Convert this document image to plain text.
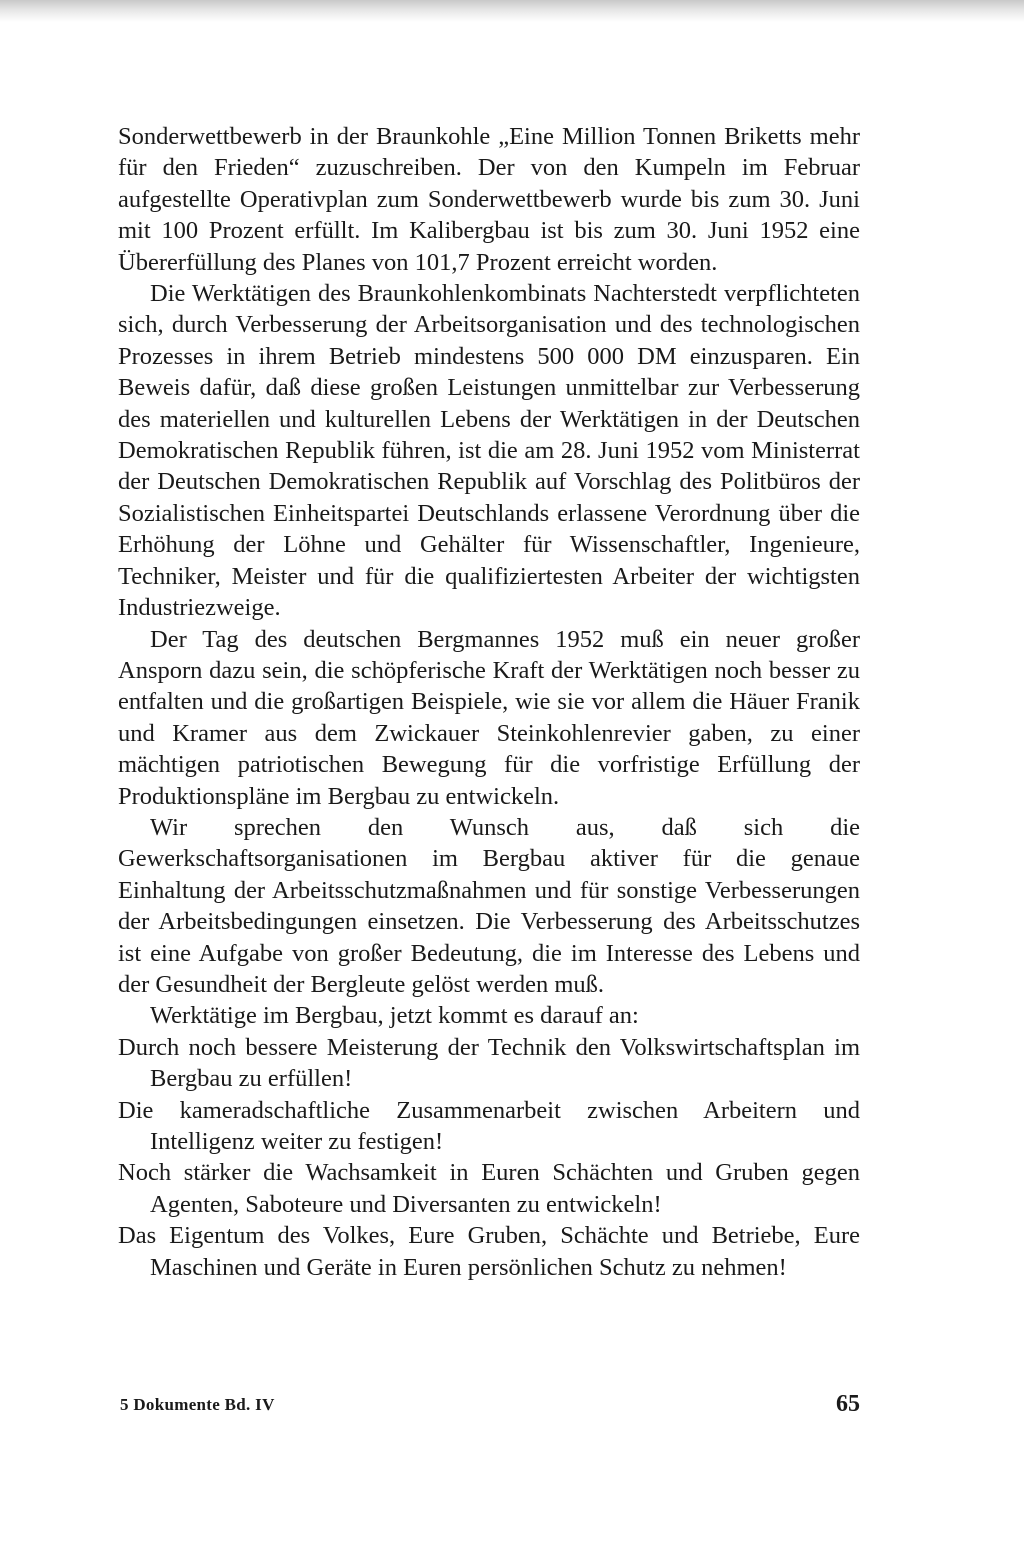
Sonderwettbewerb in der Braunkohle „Eine Million Tonnen Briketts mehr für den Frieden“ zuzuschreiben. Der von den Kumpeln im Februar aufgestellte Operativplan zum Sonderwettbewerb wurde bis zum 30. Juni mit 100 Prozent erfüllt. Im Kalibergbau ist bis zum 30. Juni 1952 eine Übererfüllung des Planes von 101,7 Prozent erreicht worden.

Die Werktätigen des Braunkohlenkombinats Nachterstedt verpflichteten sich, durch Verbesserung der Arbeitsorganisation und des technologischen Prozesses in ihrem Betrieb mindestens 500 000 DM einzusparen. Ein Beweis dafür, daß diese großen Leistungen unmittelbar zur Verbesserung des materiellen und kulturellen Lebens der Werktätigen in der Deutschen Demokratischen Republik führen, ist die am 28. Juni 1952 vom Ministerrat der Deutschen Demokratischen Republik auf Vorschlag des Politbüros der Sozialistischen Einheitspartei Deutschlands erlassene Verordnung über die Erhöhung der Löhne und Gehälter für Wissenschaftler, Ingenieure, Techniker, Meister und für die qualifiziertesten Arbeiter der wichtigsten Industriezweige.

Der Tag des deutschen Bergmannes 1952 muß ein neuer großer Ansporn dazu sein, die schöpferische Kraft der Werktätigen noch besser zu entfalten und die großartigen Beispiele, wie sie vor allem die Häuer Franik und Kramer aus dem Zwickauer Steinkohlenrevier gaben, zu einer mächtigen patriotischen Bewegung für die vorfristige Erfüllung der Produktionspläne im Bergbau zu entwickeln.

Wir sprechen den Wunsch aus, daß sich die Gewerkschaftsorganisationen im Bergbau aktiver für die genaue Einhaltung der Arbeitsschutzmaßnahmen und für sonstige Verbesserungen der Arbeitsbedingungen einsetzen. Die Verbesserung des Arbeitsschutzes ist eine Aufgabe von großer Bedeutung, die im Interesse des Lebens und der Gesundheit der Bergleute gelöst werden muß.

Werktätige im Bergbau, jetzt kommt es darauf an:

Durch noch bessere Meisterung der Technik den Volkswirtschaftsplan im Bergbau zu erfüllen!

Die kameradschaftliche Zusammenarbeit zwischen Arbeitern und Intelligenz weiter zu festigen!

Noch stärker die Wachsamkeit in Euren Schächten und Gruben gegen Agenten, Saboteure und Diversanten zu entwickeln!

Das Eigentum des Volkes, Eure Gruben, Schächte und Betriebe, Eure Maschinen und Geräte in Euren persönlichen Schutz zu nehmen!

5 Dokumente Bd. IV	65
